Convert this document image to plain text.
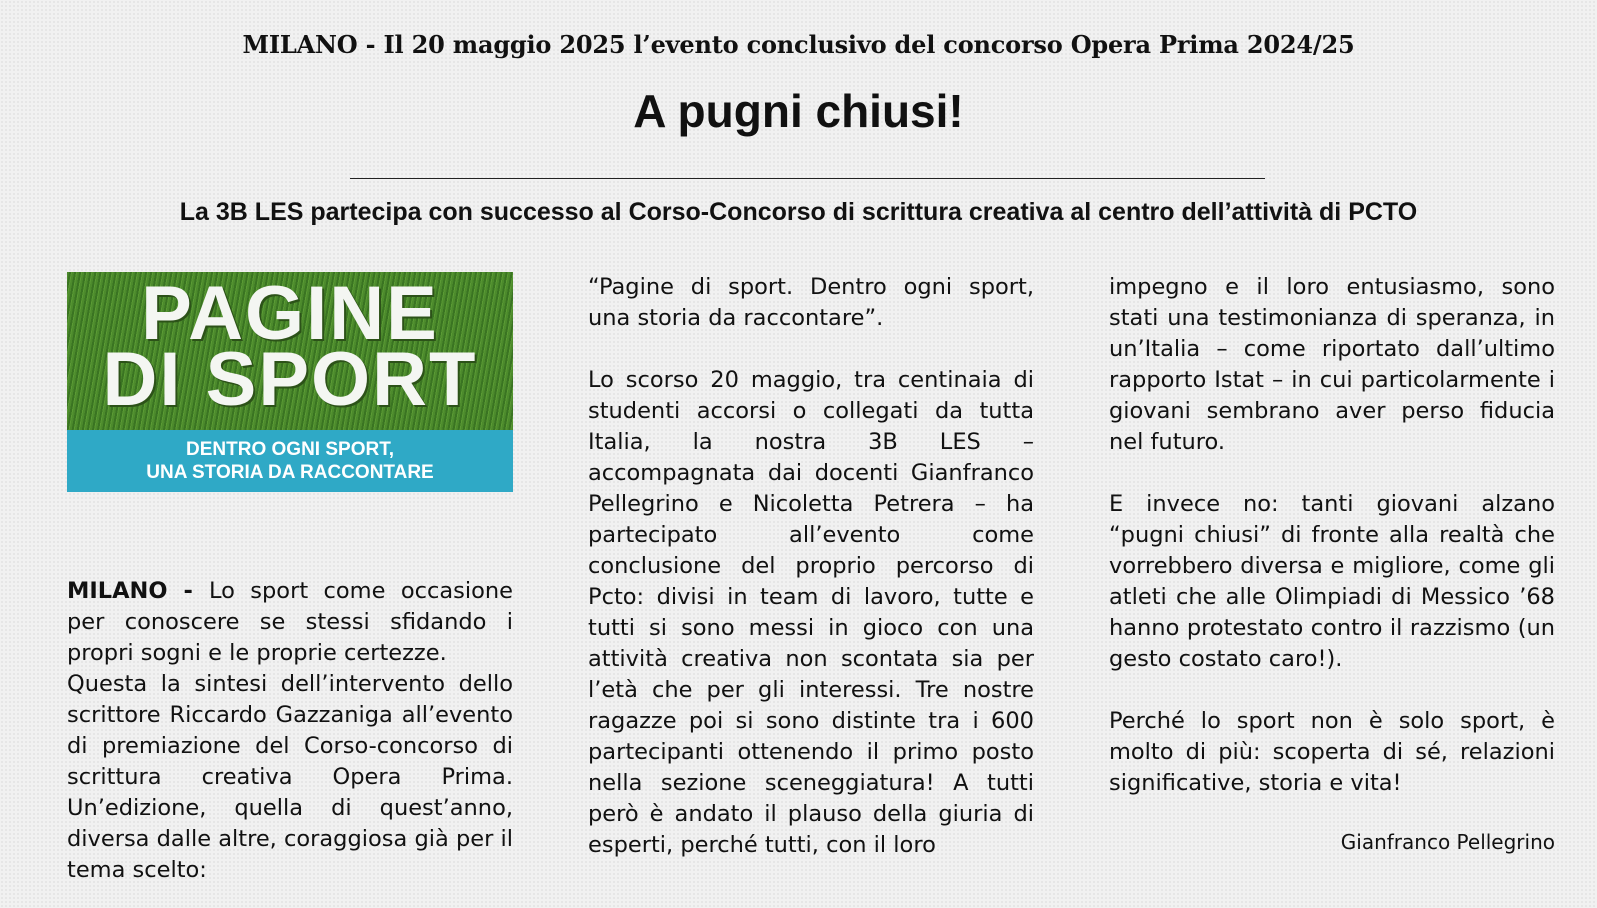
MILANO - Il 20 maggio 2025 l’evento conclusivo del concorso Opera Prima 2024/25
A pugni chiusi!
La 3B LES partecipa con successo al Corso-Concorso di scrittura creativa al centro dell’attività di PCTO
PAGINE
DI SPORT
DENTRO OGNI SPORT,
UNA STORIA DA RACCONTARE

MILANO - Lo sport come occasione per conoscere se stessi sfidando i propri sogni e le proprie certezze.

Questa la sintesi dell’intervento dello scrittore Riccardo Gazzaniga all’evento di premiazione del Corso-concorso di scrittura creativa Opera Prima. Un’edizione, quella di quest’anno, diversa dalle altre, coraggiosa già per il tema scelto:

“Pagine di sport. Dentro ogni sport, una storia da raccontare”.

Lo scorso 20 maggio, tra centinaia di studenti accorsi o collegati da tutta Italia, la nostra 3B LES – accompagnata dai docenti Gianfranco Pellegrino e Nicoletta Petrera – ha partecipato all’evento come conclusione del proprio percorso di Pcto: divisi in team di lavoro, tutte e tutti si sono messi in gioco con una attività creativa non scontata sia per l’età che per gli interessi. Tre nostre ragazze poi si sono distinte tra i 600 partecipanti ottenendo il primo posto nella sezione sceneggiatura! A tutti però è andato il plauso della giuria di esperti, perché tutti, con il loro

impegno e il loro entusiasmo, sono stati una testimonianza di speranza, in un’Italia – come riportato dall’ultimo rapporto Istat – in cui particolarmente i giovani sembrano aver perso fiducia nel futuro.

E invece no: tanti giovani alzano “pugni chiusi” di fronte alla realtà che vorrebbero diversa e migliore, come gli atleti che alle Olimpiadi di Messico ’68 hanno protestato contro il razzismo (un gesto costato caro!).

Perché lo sport non è solo sport, è molto di più: scoperta di sé, relazioni significative, storia e vita!

Gianfranco Pellegrino
